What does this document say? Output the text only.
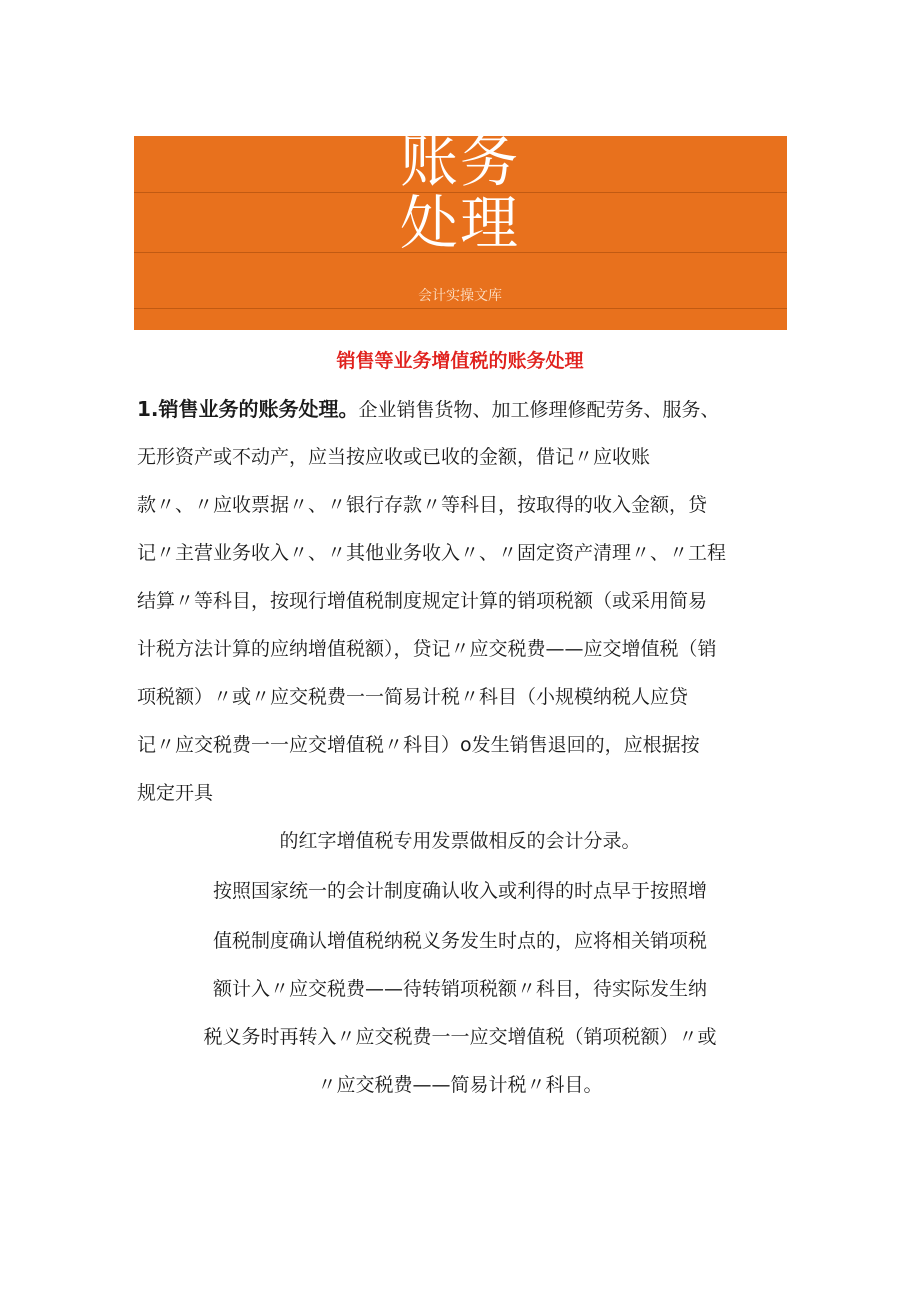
账务
处理
会计实操文库
销售等业务增值税的账务处理
1.销售业务的账务处理。企业销售货物、加工修理修配劳务、服务、
无形资产或不动产，应当按应收或已收的金额，借记〃应收账
款〃、〃应收票据〃、〃银行存款〃等科目，按取得的收入金额，贷
记〃主营业务收入〃、〃其他业务收入〃、〃固定资产清理〃、〃工程
结算〃等科目，按现行增值税制度规定计算的销项税额（或采用简易
计税方法计算的应纳增值税额），贷记〃应交税费——应交增值税（销
项税额）〃或〃应交税费一一简易计税〃科目（小规模纳税人应贷
记〃应交税费一一应交增值税〃科目）o发生销售退回的，应根据按
规定开具
的红字增值税专用发票做相反的会计分录。
按照国家统一的会计制度确认收入或利得的时点早于按照增
值税制度确认增值税纳税义务发生时点的，应将相关销项税
额计入〃应交税费——待转销项税额〃科目，待实际发生纳
税义务时再转入〃应交税费一一应交增值税（销项税额）〃或
〃应交税费——简易计税〃科目。
